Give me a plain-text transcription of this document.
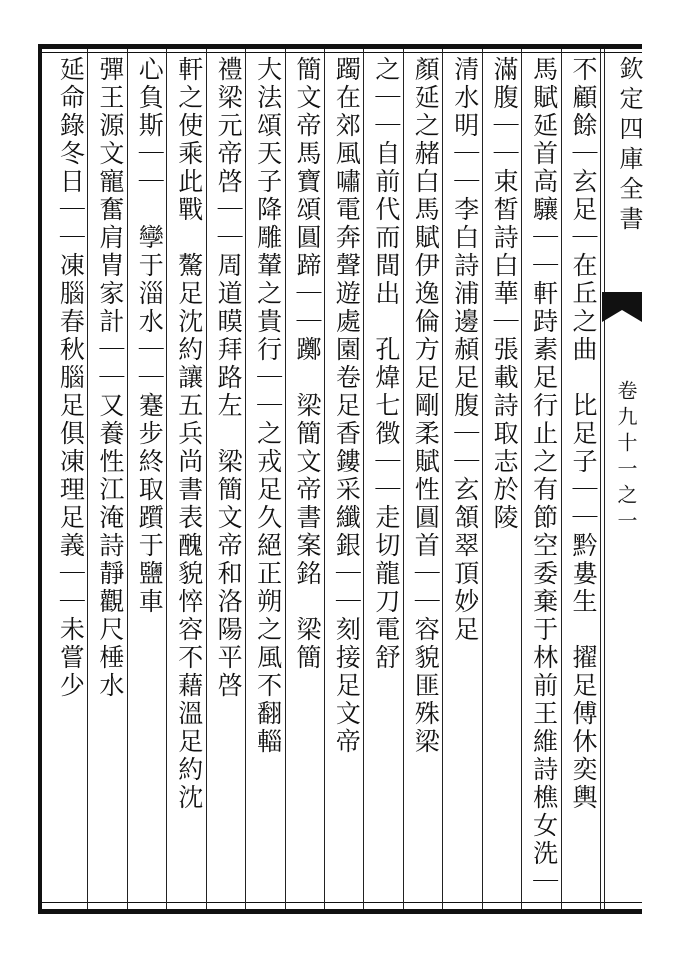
欽定四庫全書
卷九十一之一
不顧餘｜玄足｜在丘之曲　比足子｜｜黔婁生　擢足傅休奕輿
馬賦延首高驤｜｜軒跱素足行止之有節空委棄于林前王維詩樵女洗｜
滿腹｜｜束皙詩白華｜張載詩取志於陵
清水明｜｜李白詩浦邊頳足腹｜｜玄頷翠頂妙足
顏延之赭白馬賦伊逸倫方足剛柔賦性圓首｜｜容貌匪殊梁
之｜｜自前代而間出　孔煒七徴｜｜走切龍刀電舒
躅在郊風嘯電奔聲遊處園卷足香鏤采纖銀｜｜刻接足文帝
簡文帝馬寶頌圓蹄｜｜躑　梁簡文帝書案銘　梁簡
大法頌天子降雕輦之貴行｜｜之戎足久絕正朔之風不翻輜
禮梁元帝啓｜｜周道瞙拜路左　梁簡文帝和洛陽平啓
軒之使乘此戰　驁足沈約讓五兵尚書表醜貌悴容不藉溫足約沈
心負斯｜｜　孿于淄水｜｜蹇步終取躓于鹽車
彈王源文寵奮肩胄家計｜｜又養性江淹詩靜觀尺棰水
延命錄冬日｜｜凍腦春秋腦足俱凍理足義｜｜未嘗少
